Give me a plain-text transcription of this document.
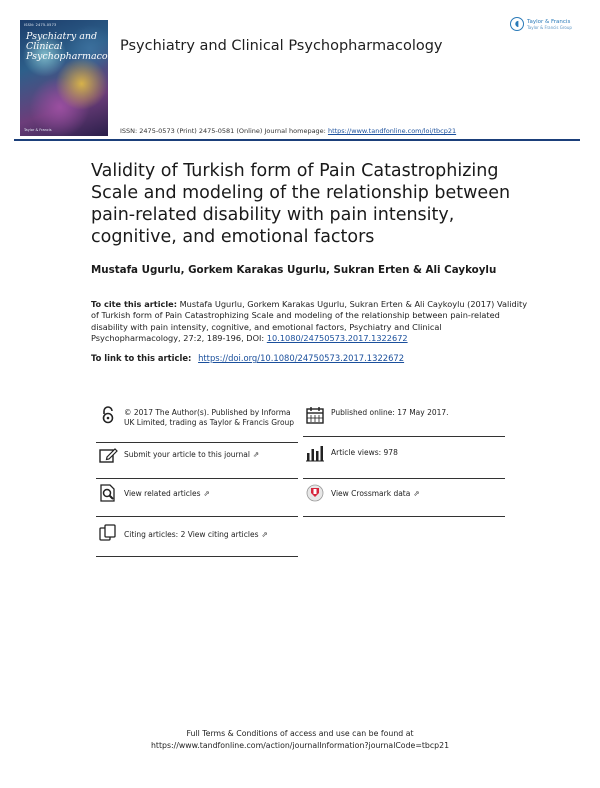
ISSN: 2475-0573
Psychiatry and Clinical Psychopharmacology
Taylor & Francis
Psychiatry and Clinical Psychopharmacology
◖ Taylor & Francis
Taylor & Francis Group
ISSN: 2475-0573 (Print) 2475-0581 (Online) Journal homepage: https://www.tandfonline.com/loi/tbcp21
Validity of Turkish form of Pain Catastrophizing Scale and modeling of the relationship between pain-related disability with pain intensity, cognitive, and emotional factors
Mustafa Ugurlu, Gorkem Karakas Ugurlu, Sukran Erten & Ali Caykoylu
To cite this article: Mustafa Ugurlu, Gorkem Karakas Ugurlu, Sukran Erten & Ali Caykoylu (2017) Validity of Turkish form of Pain Catastrophizing Scale and modeling of the relationship between pain-related disability with pain intensity, cognitive, and emotional factors, Psychiatry and Clinical Psychopharmacology, 27:2, 189-196, DOI: 10.1080/24750573.2017.1322672
To link to this article: https://doi.org/10.1080/24750573.2017.1322672
© 2017 The Author(s). Published by Informa UK Limited, trading as Taylor & Francis Group
Published online: 17 May 2017.
Submit your article to this journal ⇗	Article views: 978
View related articles ⇗	View Crossmark data ⇗
Citing articles: 2 View citing articles ⇗
Full Terms & Conditions of access and use can be found at
https://www.tandfonline.com/action/journalInformation?journalCode=tbcp21
